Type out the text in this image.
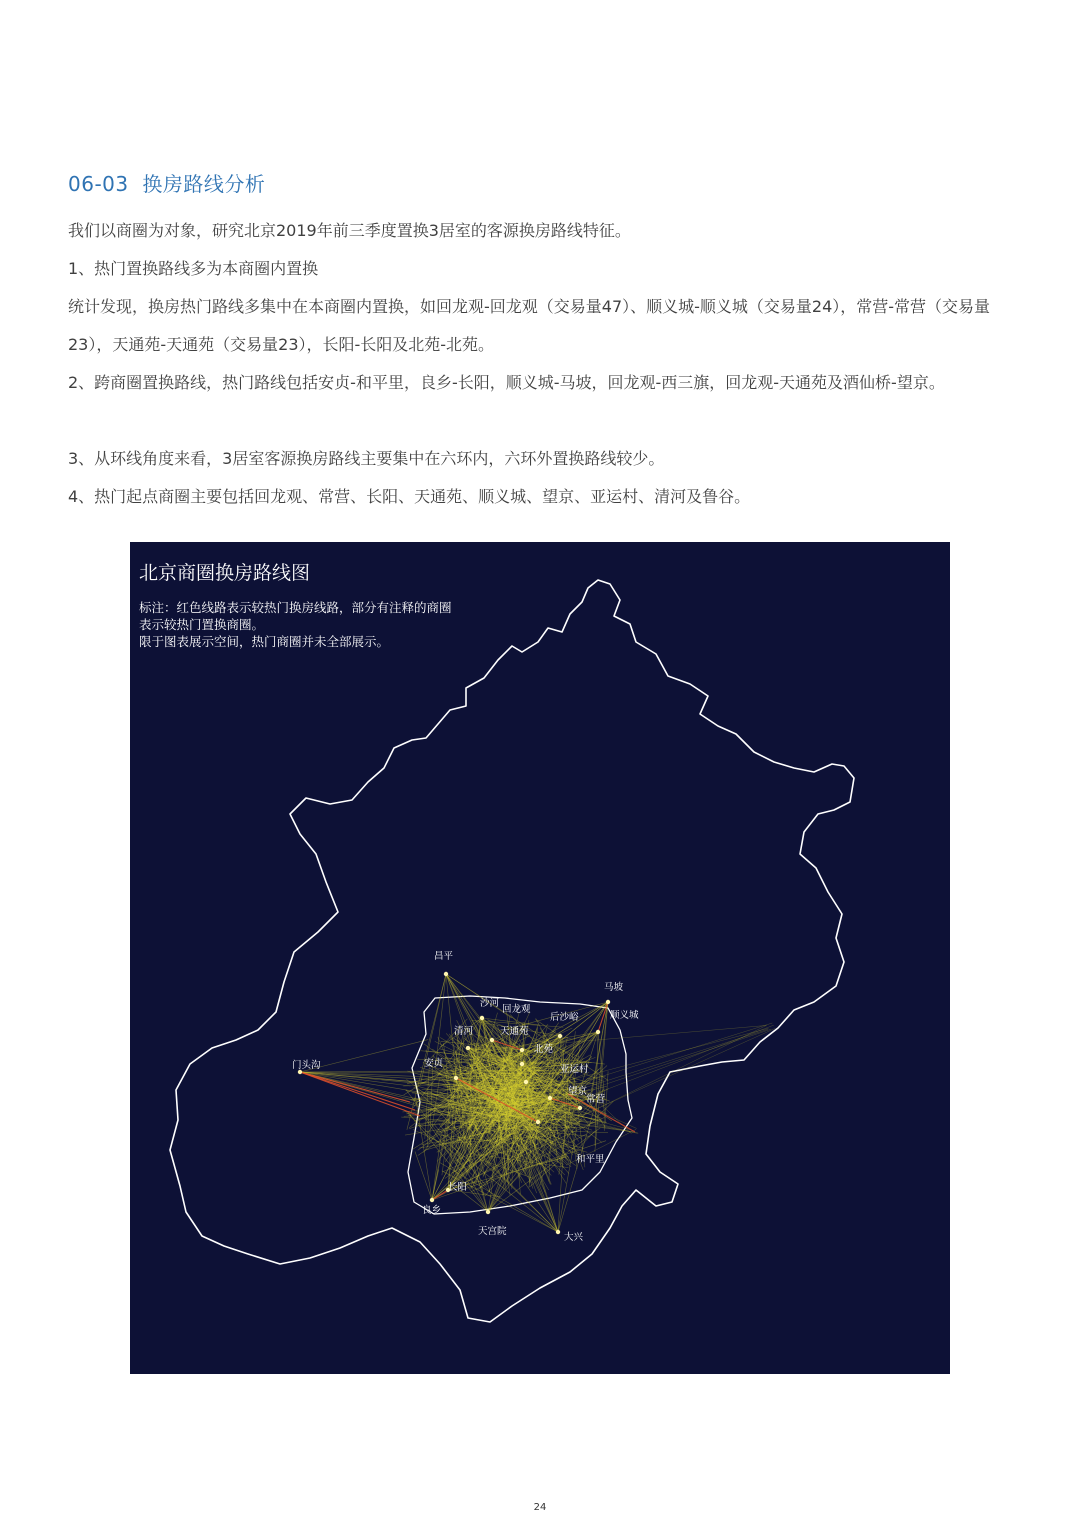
06-03 换房路线分析
我们以商圈为对象，研究北京2019年前三季度置换3居室的客源换房路线特征。
1、热门置换路线多为本商圈内置换
统计发现，换房热门路线多集中在本商圈内置换，如回龙观-回龙观（交易量47）、顺义城-顺义城（交易量24），常营-常营（交易量23），天通苑-天通苑（交易量23），长阳-长阳及北苑-北苑。
2、跨商圈置换路线，热门路线包括安贞-和平里，良乡-长阳，顺义城-马坡，回龙观-西三旗，回龙观-天通苑及酒仙桥-望京。
3、从环线角度来看，3居室客源换房路线主要集中在六环内，六环外置换路线较少。
4、热门起点商圈主要包括回龙观、常营、长阳、天通苑、顺义城、望京、亚运村、清河及鲁谷。
昌平
马坡
沙河
回龙观
后沙峪	顺义城
清河	天通苑
北苑
门头沟	安贞
亚运村
望京
常营
和平里
长阳
良乡
天宫院
大兴
北京商圈换房路线图
标注：红色线路表示较热门换房线路，部分有注释的商圈
表示较热门置换商圈。
限于图表展示空间，热门商圈并未全部展示。
24
